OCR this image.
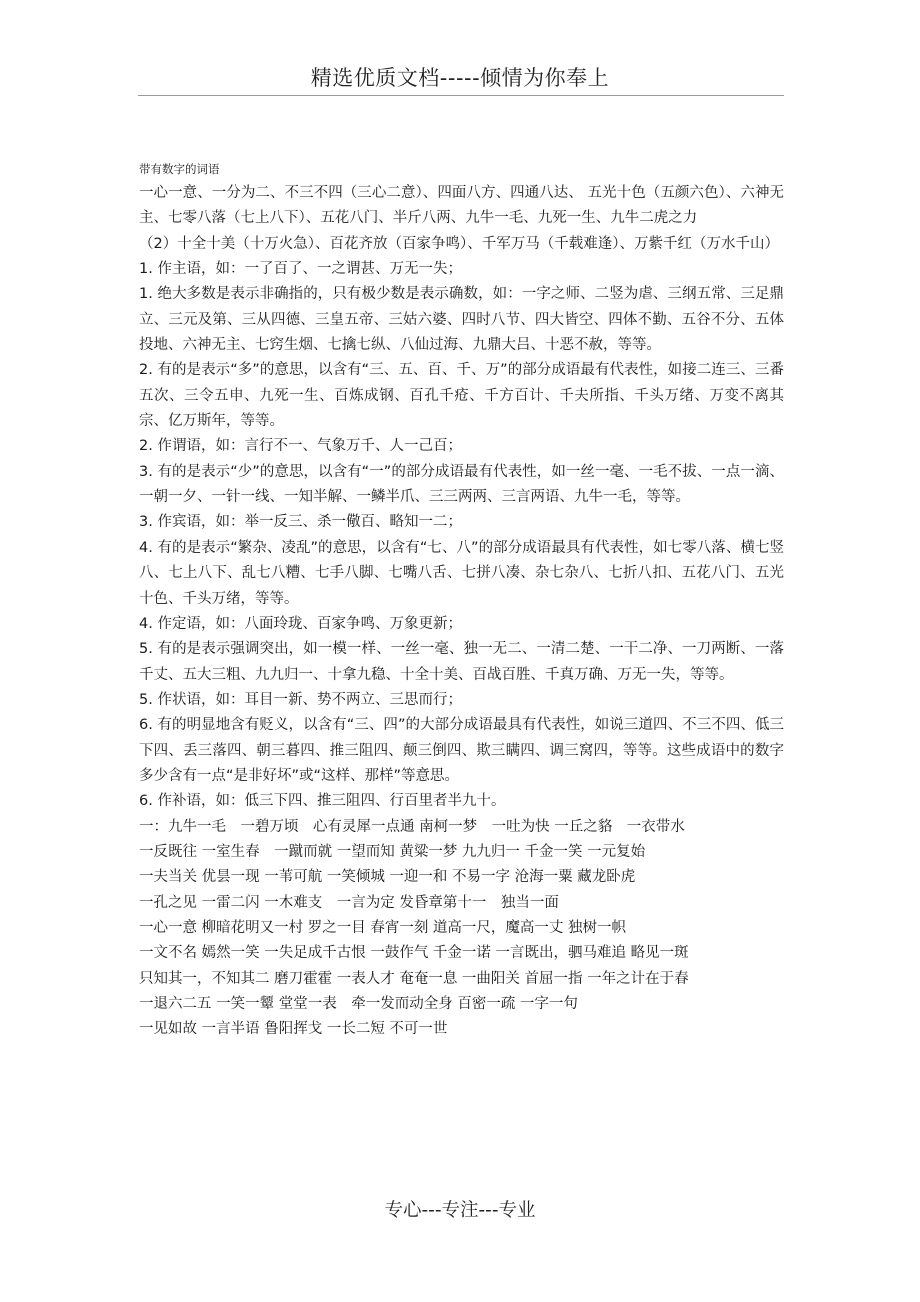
精选优质文档-----倾情为你奉上

带有数字的词语

一心一意、一分为二、不三不四（三心二意）、四面八方、四通八达、 五光十色（五颜六色）、六神无主、七零八落（七上八下）、五花八门、半斤八两、九牛一毛、九死一生、九牛二虎之力

（2）十全十美（十万火急）、百花齐放（百家争鸣）、千军万马（千载难逢）、万紫千红（万水千山）

1. 作主语，如：一了百了、一之谓甚、万无一失；

1. 绝大多数是表示非确指的，只有极少数是表示确数，如：一字之师、二竖为虐、三纲五常、三足鼎立、三元及第、三从四德、三皇五帝、三姑六婆、四时八节、四大皆空、四体不勤、五谷不分、五体投地、六神无主、七窍生烟、七擒七纵、八仙过海、九鼎大吕、十恶不赦，等等。

2. 有的是表示“多”的意思，以含有“三、五、百、千、万”的部分成语最有代表性，如接二连三、三番五次、三令五申、九死一生、百炼成钢、百孔千疮、千方百计、千夫所指、千头万绪、万变不离其宗、亿万斯年，等等。

2. 作谓语，如：言行不一、气象万千、人一己百；

3. 有的是表示“少”的意思，以含有“一”的部分成语最有代表性，如一丝一毫、一毛不拔、一点一滴、一朝一夕、一针一线、一知半解、一鳞半爪、三三两两、三言两语、九牛一毛，等等。

3. 作宾语，如：举一反三、杀一儆百、略知一二；

4. 有的是表示“繁杂、凌乱”的意思，以含有“七、八”的部分成语最具有代表性，如七零八落、横七竖八、七上八下、乱七八糟、七手八脚、七嘴八舌、七拼八凑、杂七杂八、七折八扣、五花八门、五光十色、千头万绪，等等。

4. 作定语，如：八面玲珑、百家争鸣、万象更新；

5. 有的是表示强调突出，如一模一样、一丝一毫、独一无二、一清二楚、一干二净、一刀两断、一落千丈、五大三粗、九九归一、十拿九稳、十全十美、百战百胜、千真万确、万无一失，等等。

5. 作状语，如：耳目一新、势不两立、三思而行；

6. 有的明显地含有贬义，以含有“三、四”的大部分成语最具有代表性，如说三道四、不三不四、低三下四、丢三落四、朝三暮四、推三阻四、颠三倒四、欺三瞒四、调三窝四，等等。这些成语中的数字多少含有一点“是非好坏”或“这样、那样”等意思。

6. 作补语，如：低三下四、推三阻四、行百里者半九十。

一：九牛一毛　一碧万顷　心有灵犀一点通 南柯一梦　一吐为快 一丘之貉　一衣带水

一反既往 一室生春　一蹴而就 一望而知 黄粱一梦 九九归一 千金一笑 一元复始

一夫当关 优昙一现 一苇可航 一笑倾城 一迎一和 不易一字 沧海一粟 藏龙卧虎

一孔之见 一雷二闪 一木难支　一言为定 发昏章第十一　独当一面

一心一意 柳暗花明又一村 罗之一目 春宵一刻 道高一尺，魔高一丈 独树一帜

一文不名 嫣然一笑 一失足成千古恨 一鼓作气 千金一诺 一言既出，驷马难追 略见一斑

只知其一，不知其二 磨刀霍霍 一表人才 奄奄一息 一曲阳关 首屈一指 一年之计在于春

一退六二五 一笑一颦 堂堂一表　牵一发而动全身 百密一疏 一字一句

一见如故 一言半语 鲁阳挥戈 一长二短 不可一世

专心---专注---专业
